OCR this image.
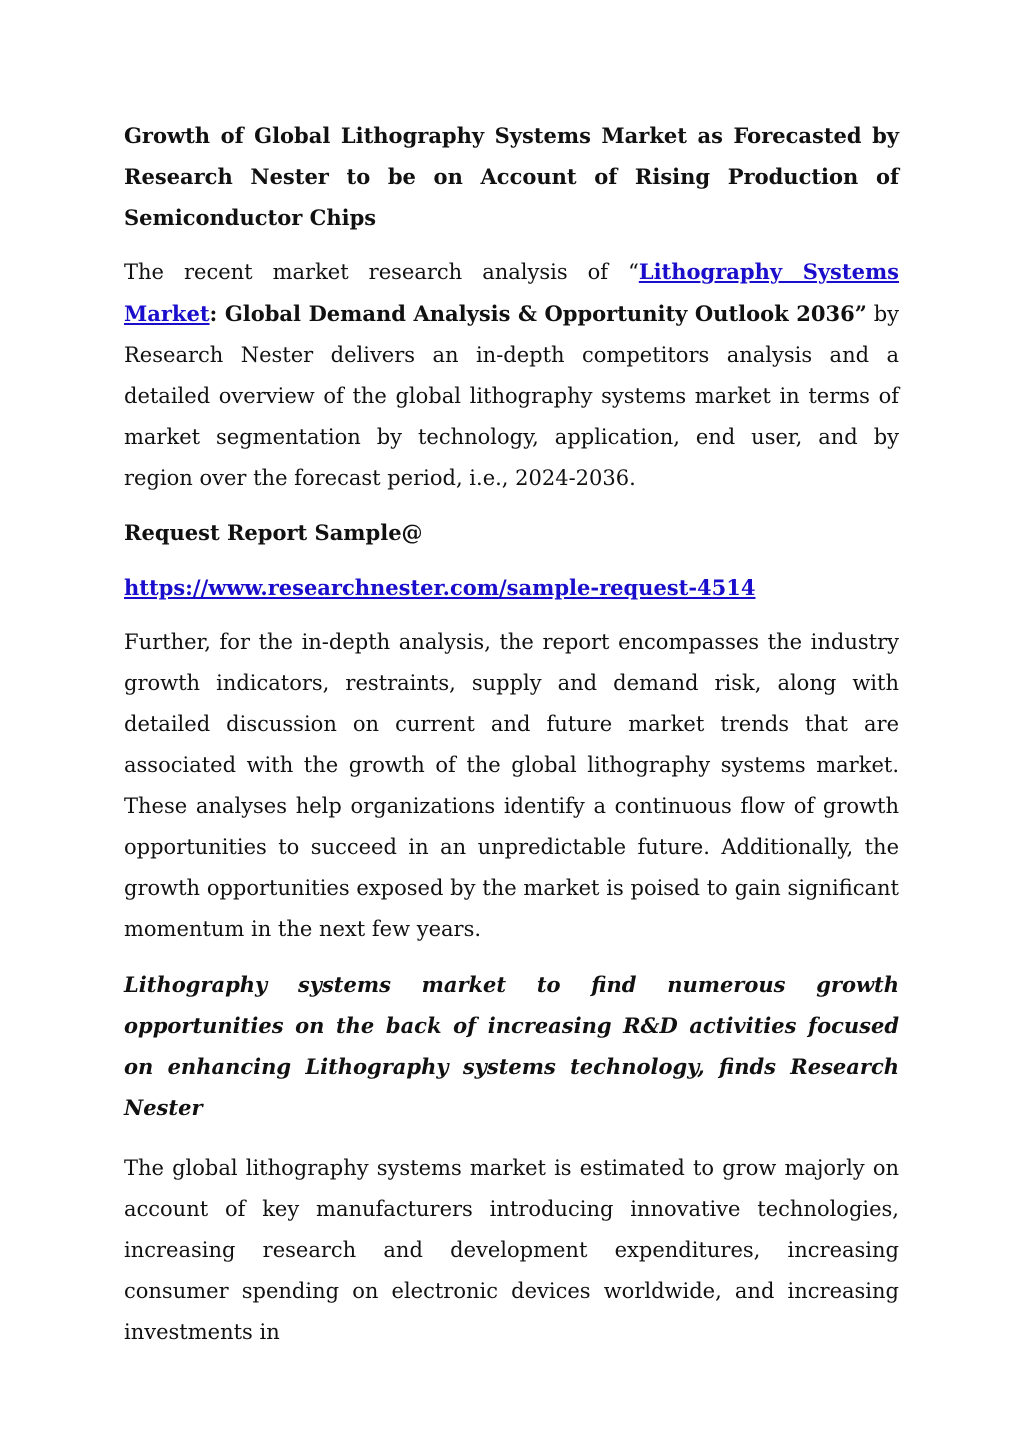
Growth of Global Lithography Systems Market as Forecasted by Research Nester to be on Account of Rising Production of Semiconductor Chips

The recent market research analysis of “Lithography Systems Market: Global Demand Analysis & Opportunity Outlook 2036” by Research Nester delivers an in-depth competitors analysis and a detailed overview of the global lithography systems market in terms of market segmentation by technology, application, end user, and by region over the forecast period, i.e., 2024-2036.

Request Report Sample@

https://www.researchnester.com/sample-request-4514

Further, for the in-depth analysis, the report encompasses the industry growth indicators, restraints, supply and demand risk, along with detailed discussion on current and future market trends that are associated with the growth of the global lithography systems market. These analyses help organizations identify a continuous flow of growth opportunities to succeed in an unpredictable future. Additionally, the growth opportunities exposed by the market is poised to gain significant momentum in the next few years.

Lithography systems market to find numerous growth opportunities on the back of increasing R&D activities focused on enhancing Lithography systems technology, finds Research Nester

The global lithography systems market is estimated to grow majorly on account of key manufacturers introducing innovative technologies, increasing research and development expenditures, increasing consumer spending on electronic devices worldwide, and increasing investments in
